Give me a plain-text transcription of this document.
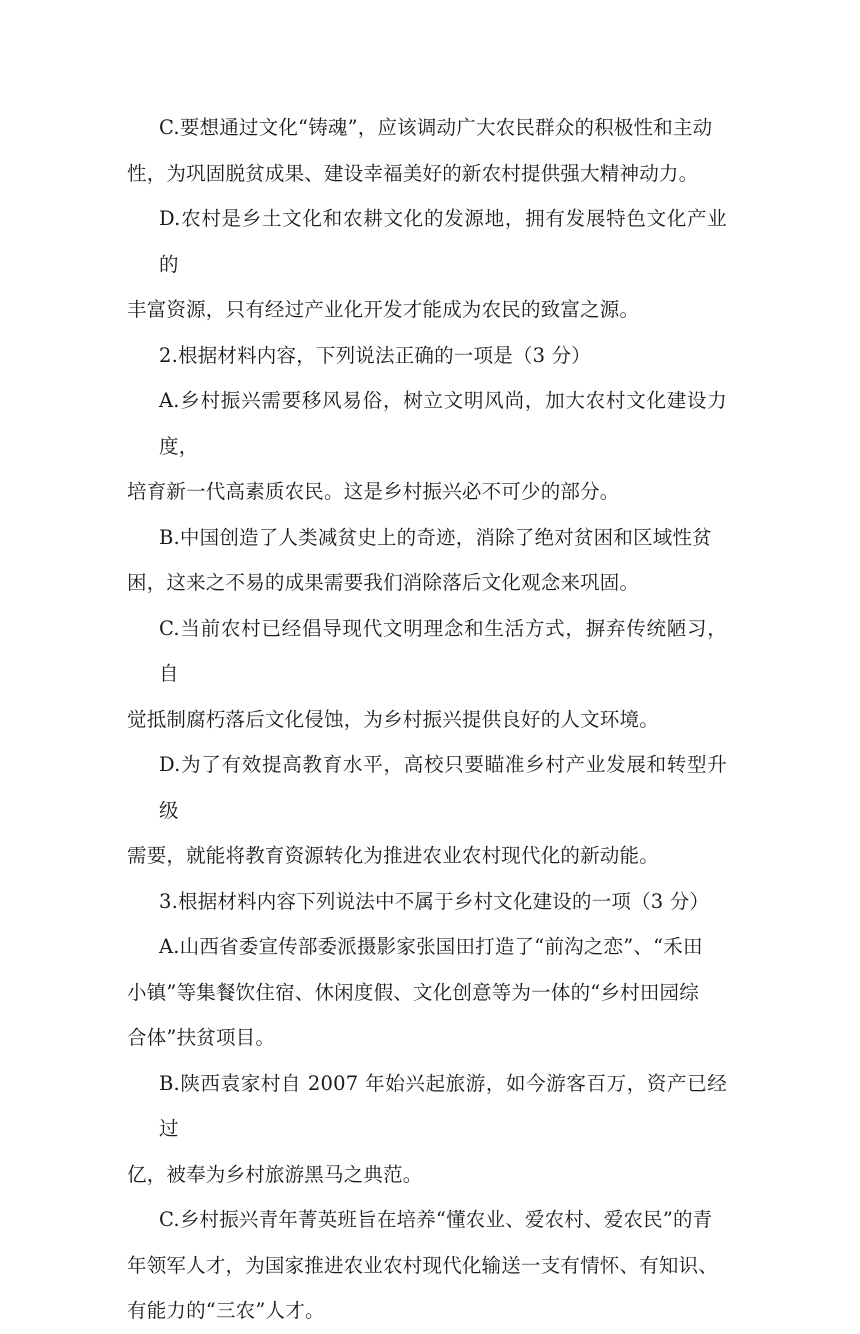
C.要想通过文化“铸魂”，应该调动广大农民群众的积极性和主动
性，为巩固脱贫成果、建设幸福美好的新农村提供强大精神动力。
D.农村是乡土文化和农耕文化的发源地，拥有发展特色文化产业的
丰富资源，只有经过产业化开发才能成为农民的致富之源。
2.根据材料内容，下列说法正确的一项是（3 分）
A.乡村振兴需要移风易俗，树立文明风尚，加大农村文化建设力度，
培育新一代高素质农民。这是乡村振兴必不可少的部分。
B.中国创造了人类减贫史上的奇迹，消除了绝对贫困和区域性贫
困，这来之不易的成果需要我们消除落后文化观念来巩固。
C.当前农村已经倡导现代文明理念和生活方式，摒弃传统陋习，自
觉抵制腐朽落后文化侵蚀，为乡村振兴提供良好的人文环境。
D.为了有效提高教育水平，高校只要瞄准乡村产业发展和转型升级
需要，就能将教育资源转化为推进农业农村现代化的新动能。
3.根据材料内容下列说法中不属于乡村文化建设的一项（3 分）
A.山西省委宣传部委派摄影家张国田打造了“前沟之恋”、“禾田
小镇”等集餐饮住宿、休闲度假、文化创意等为一体的“乡村田园综
合体”扶贫项目。
B.陕西袁家村自 2007 年始兴起旅游，如今游客百万，资产已经过
亿，被奉为乡村旅游黑马之典范。
C.乡村振兴青年菁英班旨在培养“懂农业、爱农村、爱农民”的青
年领军人才，为国家推进农业农村现代化输送一支有情怀、有知识、
有能力的“三农”人才。
